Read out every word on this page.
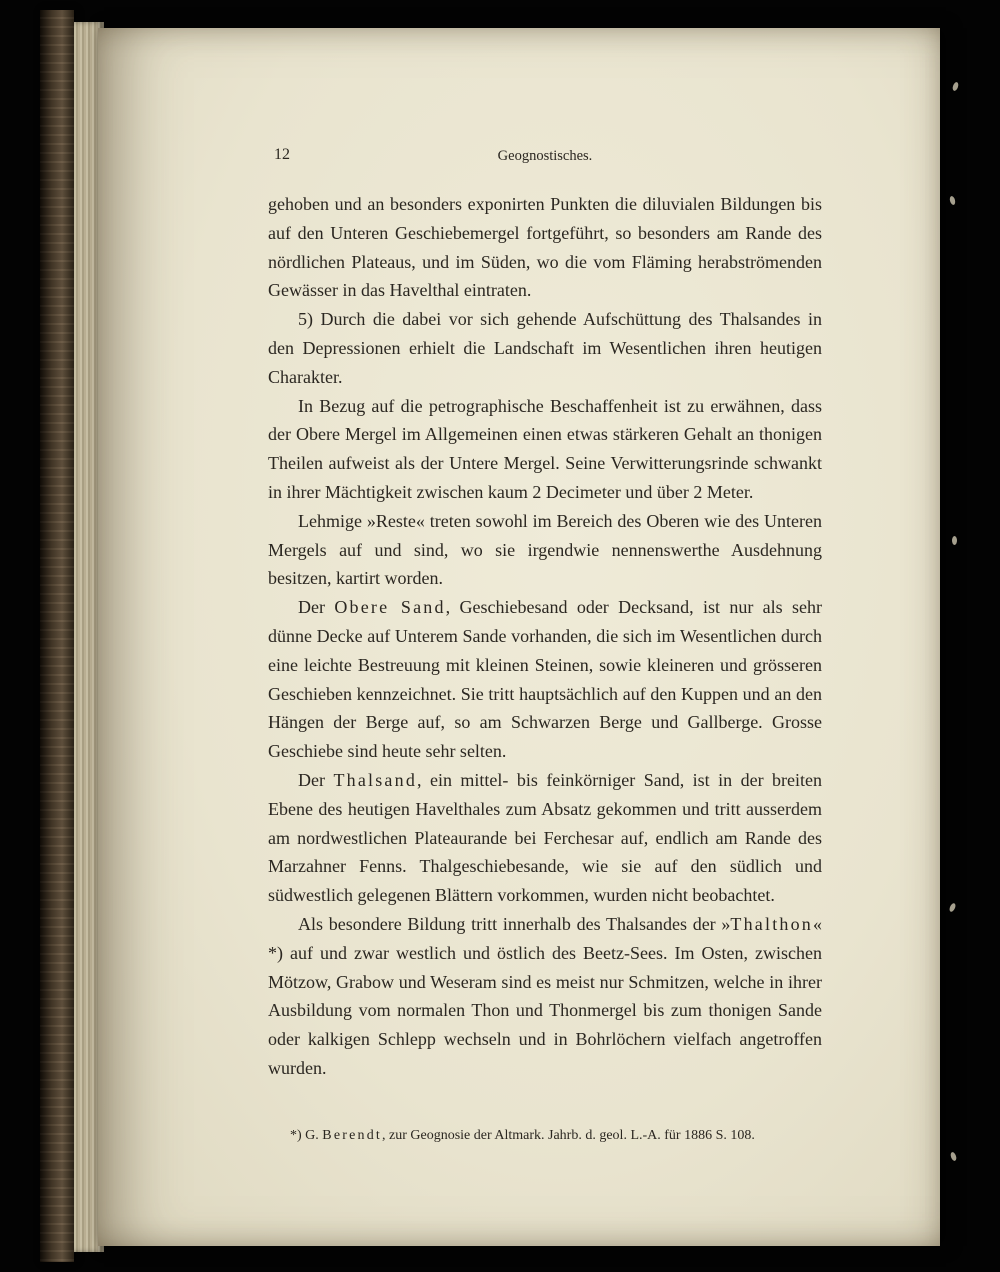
12	Geognostisches.

gehoben und an besonders exponirten Punkten die diluvialen Bildungen bis auf den Unteren Geschiebemergel fortgeführt, so besonders am Rande des nördlichen Plateaus, und im Süden, wo die vom Fläming herabströmenden Gewässer in das Havelthal eintraten.

5) Durch die dabei vor sich gehende Aufschüttung des Thalsandes in den Depressionen erhielt die Landschaft im Wesentlichen ihren heutigen Charakter.

In Bezug auf die petrographische Beschaffenheit ist zu erwähnen, dass der Obere Mergel im Allgemeinen einen etwas stärkeren Gehalt an thonigen Theilen aufweist als der Untere Mergel. Seine Verwitterungsrinde schwankt in ihrer Mächtigkeit zwischen kaum 2 Decimeter und über 2 Meter.

Lehmige »Reste« treten sowohl im Bereich des Oberen wie des Unteren Mergels auf und sind, wo sie irgendwie nennenswerthe Ausdehnung besitzen, kartirt worden.

Der Obere Sand, Geschiebesand oder Decksand, ist nur als sehr dünne Decke auf Unterem Sande vorhanden, die sich im Wesentlichen durch eine leichte Bestreuung mit kleinen Steinen, sowie kleineren und grösseren Geschieben kennzeichnet. Sie tritt hauptsächlich auf den Kuppen und an den Hängen der Berge auf, so am Schwarzen Berge und Gallberge. Grosse Geschiebe sind heute sehr selten.

Der Thalsand, ein mittel- bis feinkörniger Sand, ist in der breiten Ebene des heutigen Havelthales zum Absatz gekommen und tritt ausserdem am nordwestlichen Plateaurande bei Ferchesar auf, endlich am Rande des Marzahner Fenns. Thalgeschiebesande, wie sie auf den südlich und südwestlich gelegenen Blättern vorkommen, wurden nicht beobachtet.

Als besondere Bildung tritt innerhalb des Thalsandes der »Thalthon« *) auf und zwar westlich und östlich des Beetz-Sees. Im Osten, zwischen Mötzow, Grabow und Weseram sind es meist nur Schmitzen, welche in ihrer Ausbildung vom normalen Thon und Thonmergel bis zum thonigen Sande oder kalkigen Schlepp wechseln und in Bohrlöchern vielfach angetroffen wurden.

*) G. Berendt, zur Geognosie der Altmark. Jahrb. d. geol. L.-A. für 1886 S. 108.
